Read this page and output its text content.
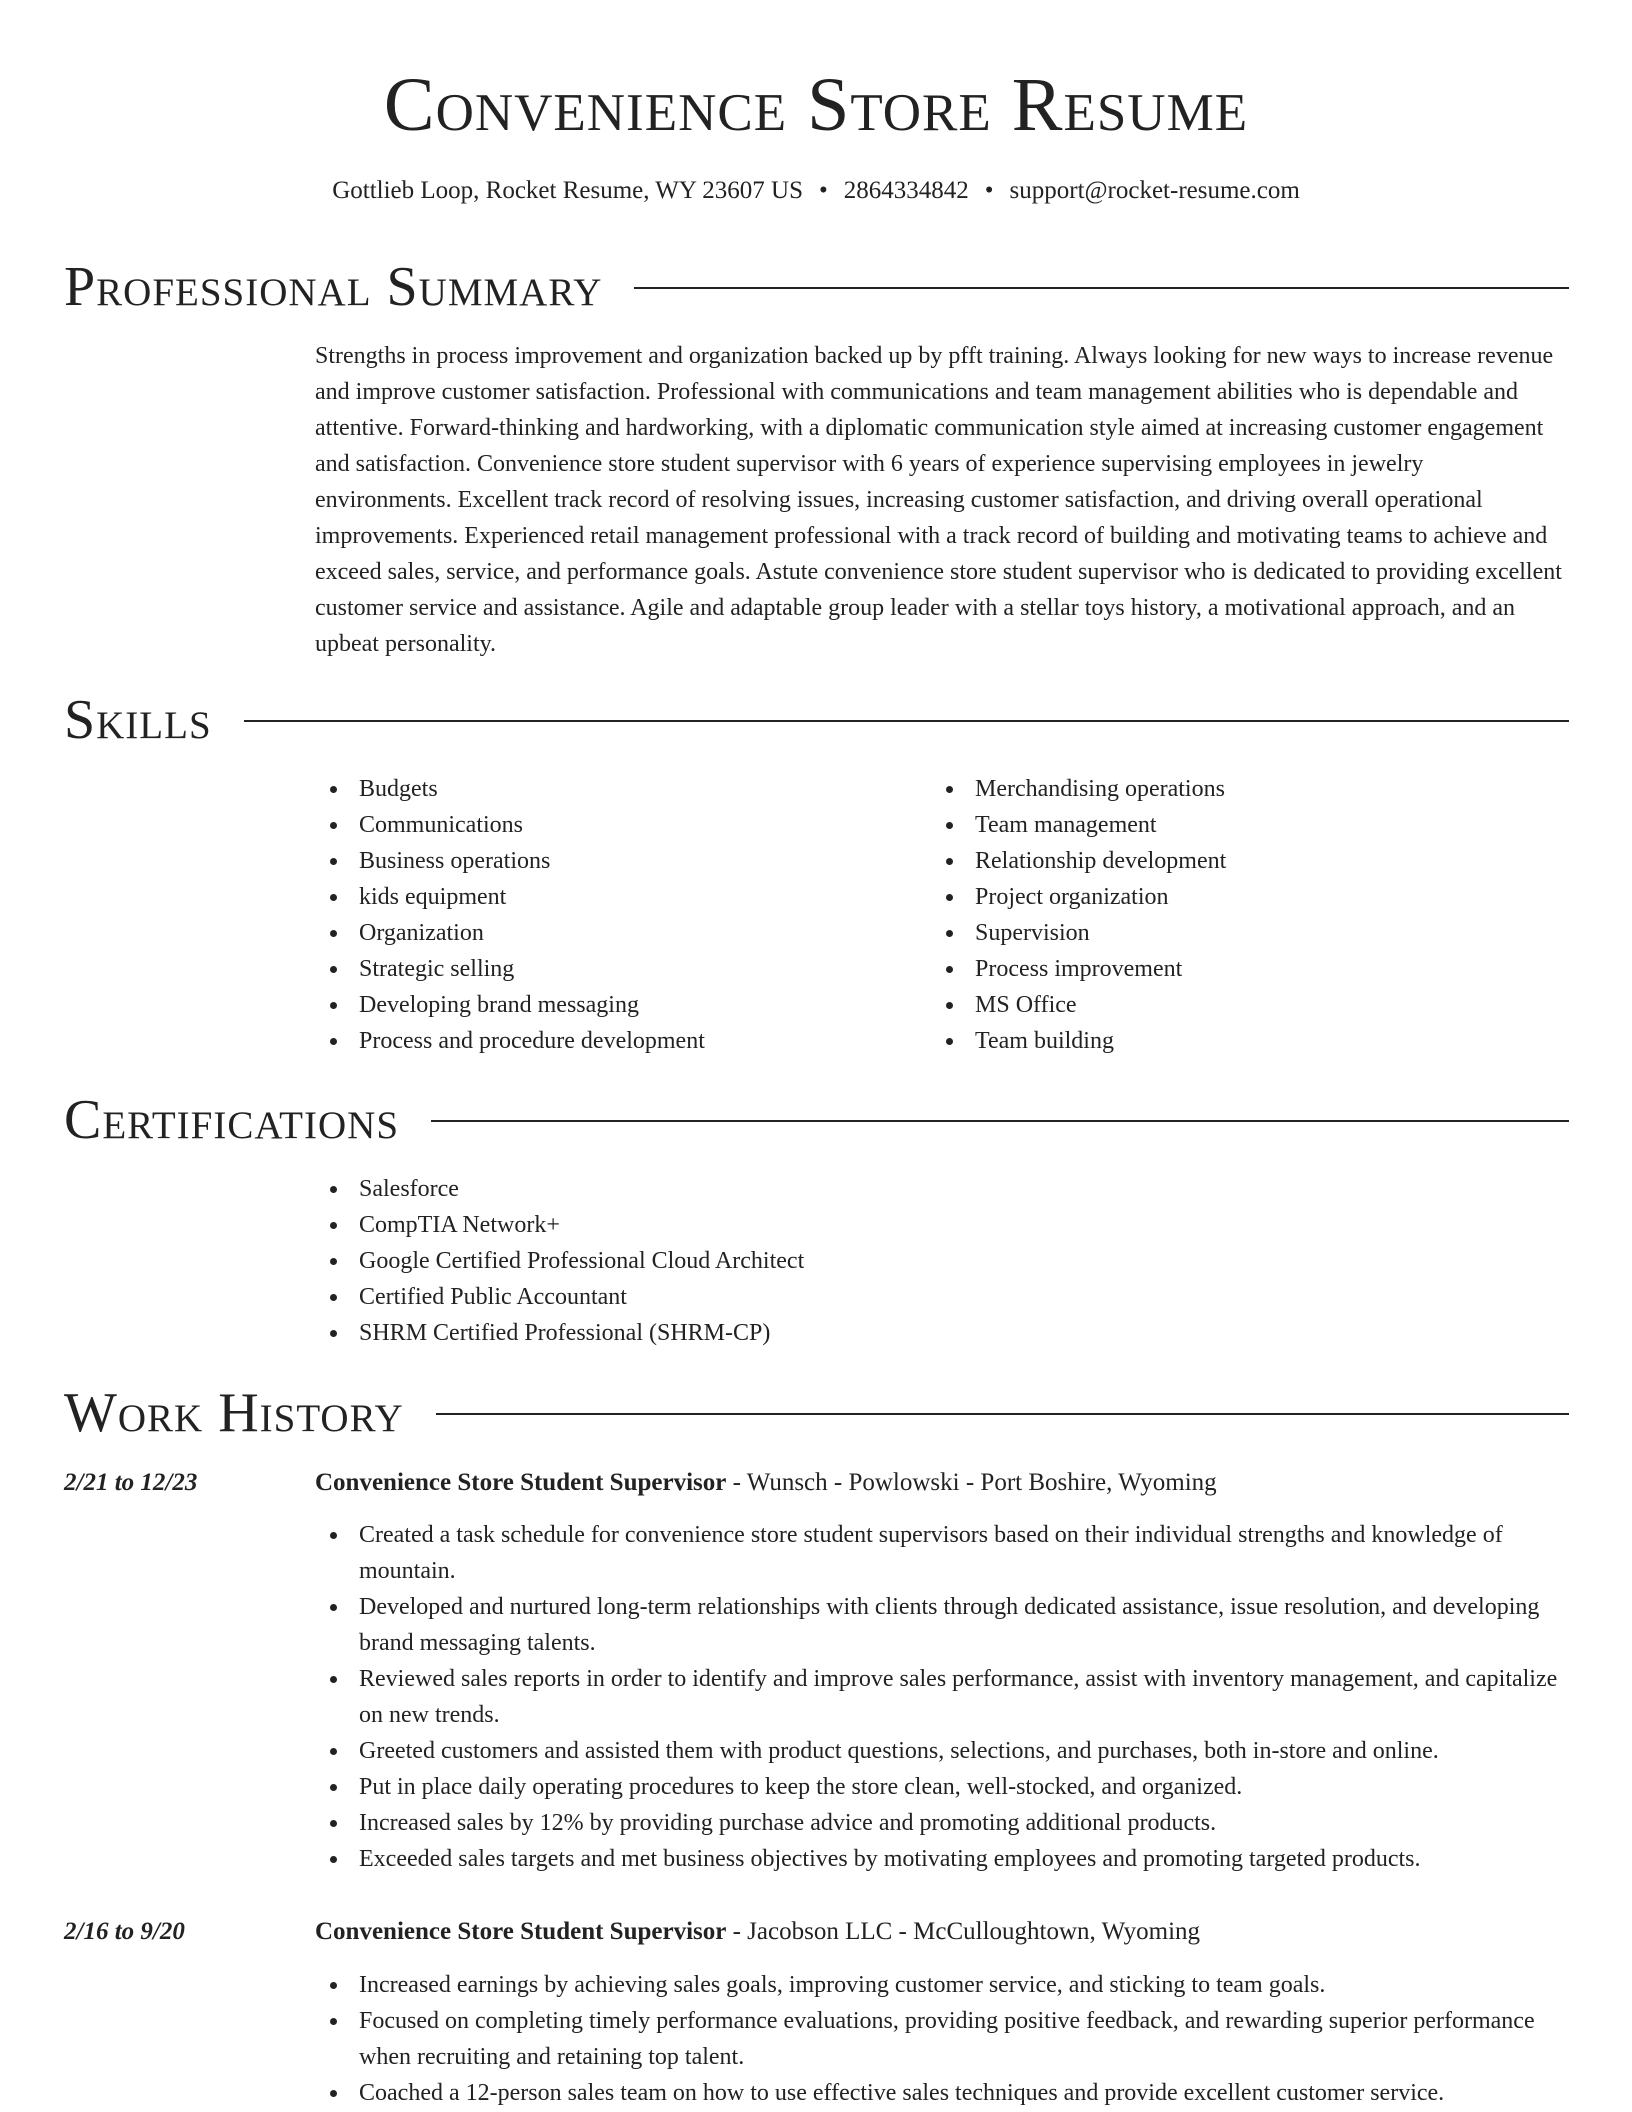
Convenience Store Resume
Gottlieb Loop, Rocket Resume, WY 23607 US • 2864334842 • support@rocket-resume.com
Professional Summary

Strengths in process improvement and organization backed up by pfft training. Always looking for new ways to increase revenue and improve customer satisfaction. Professional with communications and team management abilities who is dependable and attentive. Forward-thinking and hardworking, with a diplomatic communication style aimed at increasing customer engagement and satisfaction. Convenience store student supervisor with 6 years of experience supervising employees in jewelry environments. Excellent track record of resolving issues, increasing customer satisfaction, and driving overall operational improvements. Experienced retail management professional with a track record of building and motivating teams to achieve and exceed sales, service, and performance goals. Astute convenience store student supervisor who is dedicated to providing excellent customer service and assistance. Agile and adaptable group leader with a stellar toys history, a motivational approach, and an upbeat personality.

Skills
Budgets
Communications
Business operations
kids equipment
Organization
Strategic selling
Developing brand messaging
Process and procedure development
Merchandising operations
Team management
Relationship development
Project organization
Supervision
Process improvement
MS Office
Team building
Certifications
Salesforce
CompTIA Network+
Google Certified Professional Cloud Architect
Certified Public Accountant
SHRM Certified Professional (SHRM-CP)
Work History
2/21 to 12/23	Convenience Store Student Supervisor - Wunsch - Powlowski - Port Boshire, Wyoming
Created a task schedule for convenience store student supervisors based on their individual strengths and knowledge of mountain.
Developed and nurtured long-term relationships with clients through dedicated assistance, issue resolution, and developing brand messaging talents.
Reviewed sales reports in order to identify and improve sales performance, assist with inventory management, and capitalize on new trends.
Greeted customers and assisted them with product questions, selections, and purchases, both in-store and online.
Put in place daily operating procedures to keep the store clean, well-stocked, and organized.
Increased sales by 12% by providing purchase advice and promoting additional products.
Exceeded sales targets and met business objectives by motivating employees and promoting targeted products.
2/16 to 9/20	Convenience Store Student Supervisor - Jacobson LLC - McCulloughtown, Wyoming
Increased earnings by achieving sales goals, improving customer service, and sticking to team goals.
Focused on completing timely performance evaluations, providing positive feedback, and rewarding superior performance when recruiting and retaining top talent.
Coached a 12-person sales team on how to use effective sales techniques and provide excellent customer service.
